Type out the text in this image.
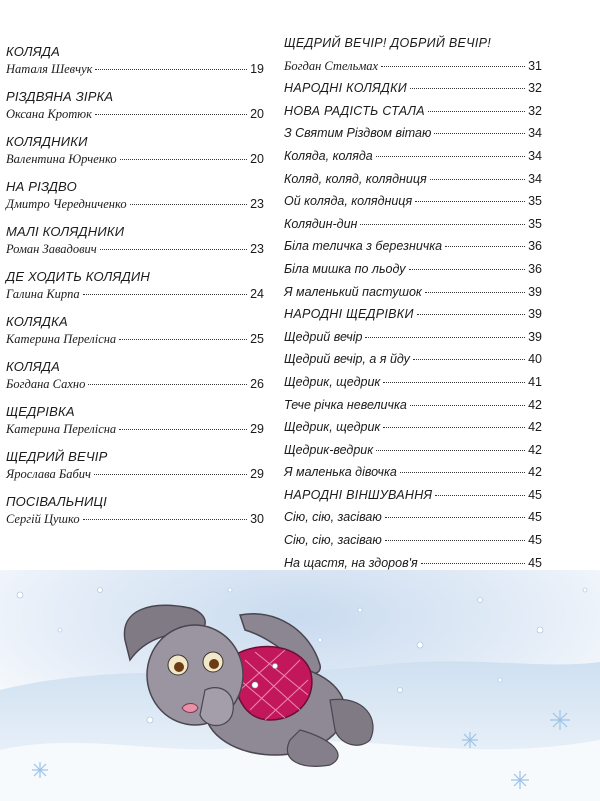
КОЛЯДА
Наталя Шевчук	19
РІЗДВЯНА ЗІРКА
Оксана Кротюк	20
КОЛЯДНИКИ
Валентина Юрченко	20
НА РІЗДВО
Дмитро Чередниченко	23
МАЛІ КОЛЯДНИКИ
Роман Завадович	23
ДЕ ХОДИТЬ КОЛЯДИН
Галина Кирпа	24
КОЛЯДКА
Катерина Перелісна	25
КОЛЯДА
Богдана Сахно	26
ЩЕДРІВКА
Катерина Перелісна	29
ЩЕДРИЙ ВЕЧІР
Ярослава Бабич	29
ПОСІВАЛЬНИЦІ
Сергій Цушко	30
ЩЕДРИЙ ВЕЧІР! ДОБРИЙ ВЕЧІР!
Богдан Стельмах	31
НАРОДНІ КОЛЯДКИ	32
НОВА РАДІСТЬ СТАЛА	32
З Святим Різдвом вітаю	34
Коляда, коляда	34
Коляд, коляд, колядниця	34
Ой коляда, колядниця	35
Колядин-дин	35
Біла теличка з березничка	36
Біла мишка по льоду	36
Я маленький пастушок	39
НАРОДНІ ЩЕДРІВКИ	39
Щедрий вечір	39
Щедрий вечір, а я йду	40
Щедрик, щедрик	41
Тече річка невеличка	42
Щедрик, щедрик	42
Щедрик-ведрик	42
Я маленька дівочка	42
НАРОДНІ ВІНШУВАННЯ	45
Сію, сію, засіваю	45
Сію, сію, засіваю	45
На щастя, на здоров'я	45
